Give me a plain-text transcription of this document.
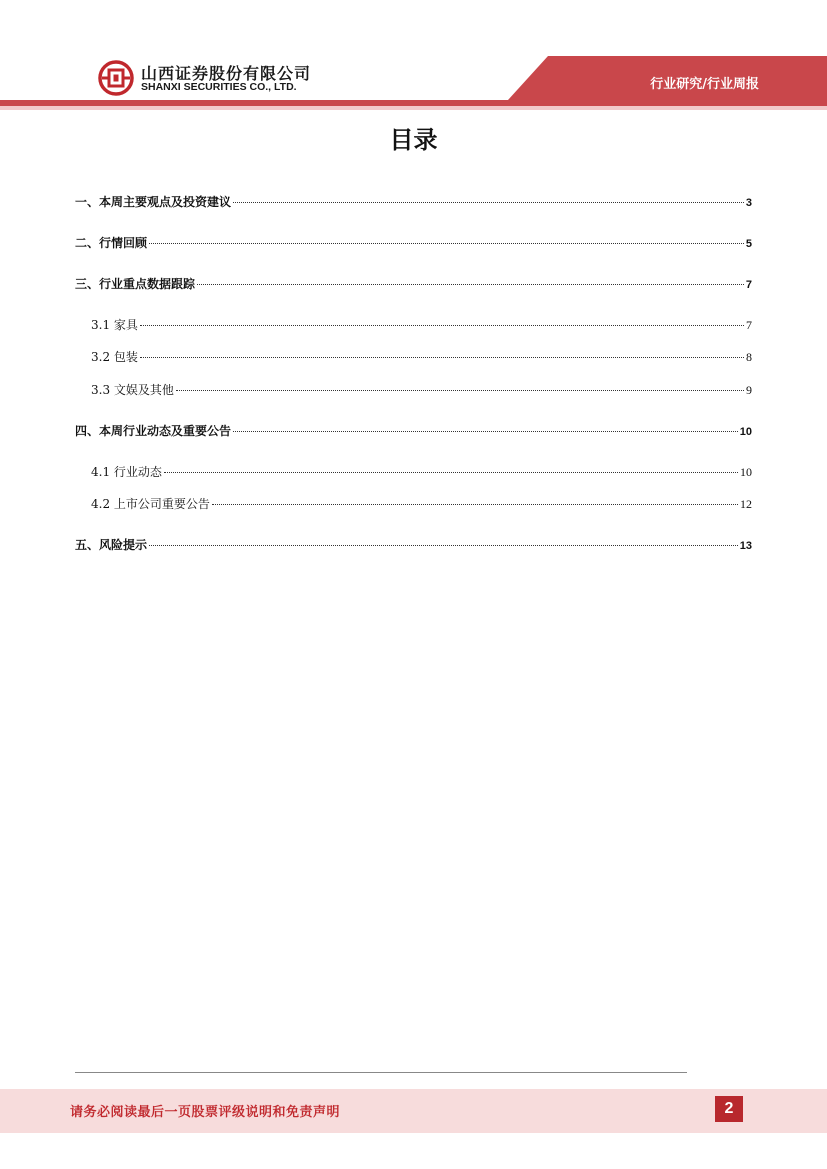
山西证券股份有限公司
SHANXI SECURITIES CO., LTD.	行业研究/行业周报
目录
一、本周主要观点及投资建议	3
二、行情回顾	5
三、行业重点数据跟踪	7
3.1 家具	7
3.2 包装	8
3.3 文娱及其他	9
四、本周行业动态及重要公告	10
4.1 行业动态	10
4.2 上市公司重要公告	12
五、风险提示	13
请务必阅读最后一页股票评级说明和免责声明	2
